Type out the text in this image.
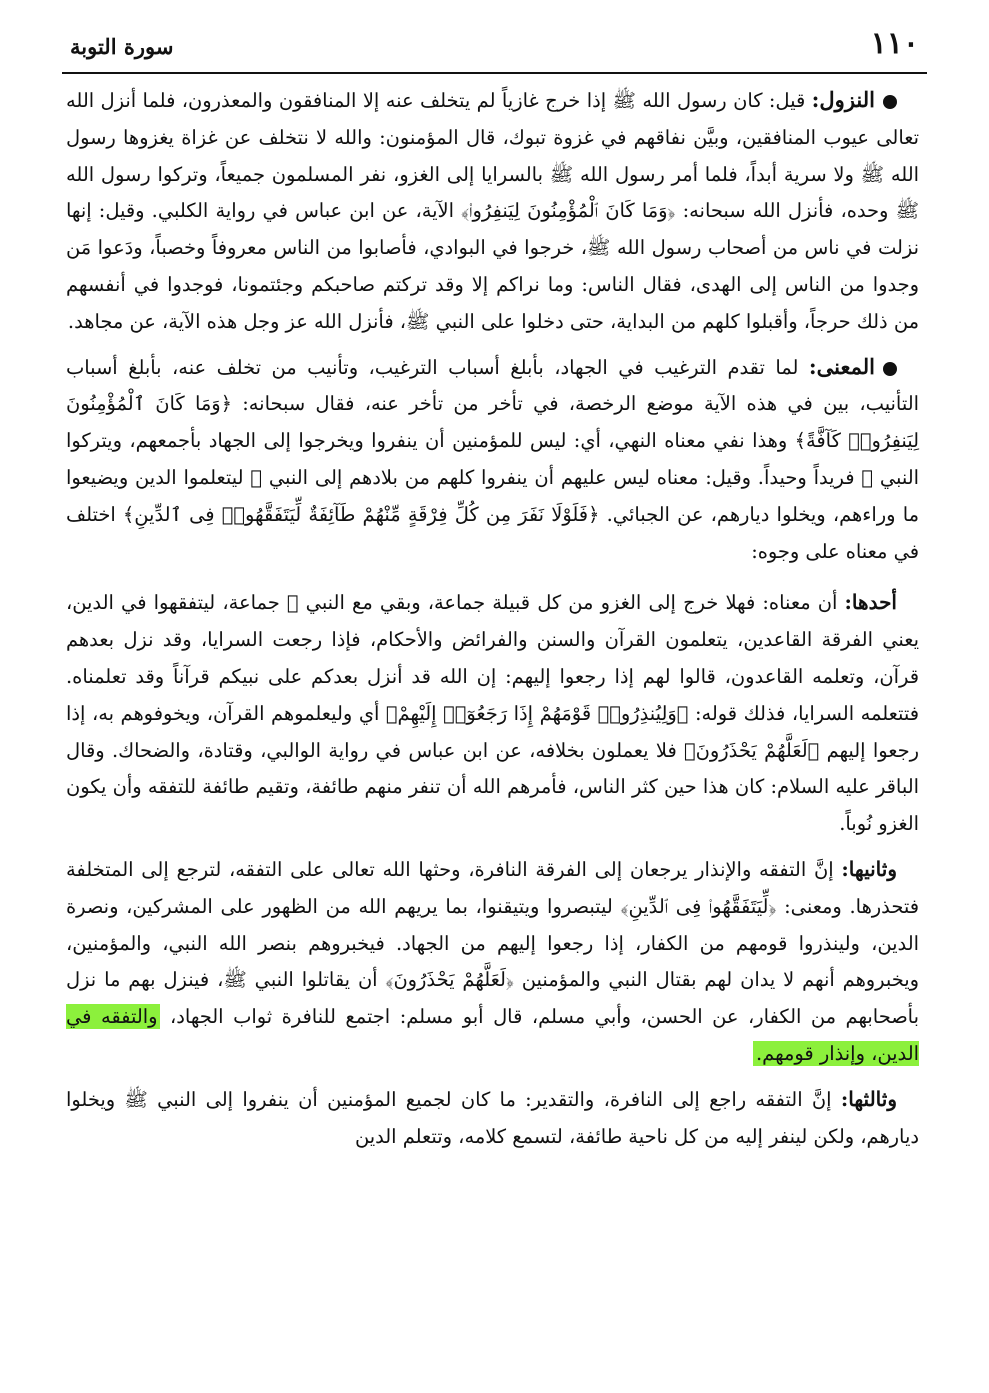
١١٠
سورة التوبة

النزول: قيل: كان رسول الله ﷺ إذا خرج غازياً لم يتخلف عنه إلا المنافقون والمعذرون، فلما أنزل الله تعالى عيوب المنافقين، وبيَّن نفاقهم في غزوة تبوك، قال المؤمنون: والله لا نتخلف عن غزاة يغزوها رسول الله ﷺ ولا سرية أبداً، فلما أمر رسول الله ﷺ بالسرايا إلى الغزو، نفر المسلمون جميعاً، وتركوا رسول الله ﷺ وحده، فأنزل الله سبحانه: ﴿وَمَا كَانَ ٱلْمُؤْمِنُونَ لِيَنفِرُوا۟﴾ الآية، عن ابن عباس في رواية الكلبي. وقيل: إنها نزلت في ناس من أصحاب رسول الله ﷺ، خرجوا في البوادي، فأصابوا من الناس معروفاً وخصباً، ودَعوا مَن وجدوا من الناس إلى الهدى، فقال الناس: وما نراكم إلا وقد تركتم صاحبكم وجئتمونا، فوجدوا في أنفسهم من ذلك حرجاً، وأقبلوا كلهم من البداية، حتى دخلوا على النبي ﷺ، فأنزل الله عز وجل هذه الآية، عن مجاهد.

المعنى: لما تقدم الترغيب في الجهاد، بأبلغ أسباب الترغيب، وتأنيب من تخلف عنه، بأبلغ أسباب التأنيب، بين في هذه الآية موضع الرخصة، في تأخر من تأخر عنه، فقال سبحانه: ﴿وَمَا كَانَ ٱلْمُؤْمِنُونَ لِيَنفِرُوا۟ كَآفَّةً﴾ وهذا نفي معناه النهي، أي: ليس للمؤمنين أن ينفروا ويخرجوا إلى الجهاد بأجمعهم، ويتركوا النبي ﷺ فريداً وحيداً. وقيل: معناه ليس عليهم أن ينفروا كلهم من بلادهم إلى النبي ﷺ ليتعلموا الدين ويضيعوا ما وراءهم، ويخلوا ديارهم، عن الجبائي. ﴿فَلَوْلَا نَفَرَ مِن كُلِّ فِرْقَةٍ مِّنْهُمْ طَآئِفَةٌ لِّيَتَفَقَّهُوا۟ فِى ٱلدِّينِ﴾ اختلف في معناه على وجوه:

أحدها: أن معناه: فهلا خرج إلى الغزو من كل قبيلة جماعة، وبقي مع النبي ﷺ جماعة، ليتفقهوا في الدين، يعني الفرقة القاعدين، يتعلمون القرآن والسنن والفرائض والأحكام، فإذا رجعت السرايا، وقد نزل بعدهم قرآن، وتعلمه القاعدون، قالوا لهم إذا رجعوا إليهم: إن الله قد أنزل بعدكم على نبيكم قرآناً وقد تعلمناه. فتتعلمه السرايا، فذلك قوله: ﴿وَلِيُنذِرُوا۟ قَوْمَهُمْ إِذَا رَجَعُوٓا۟ إِلَيْهِمْ﴾ أي وليعلموهم القرآن، ويخوفوهم به، إذا رجعوا إليهم ﴿لَعَلَّهُمْ يَحْذَرُونَ﴾ فلا يعملون بخلافه، عن ابن عباس في رواية الوالبي، وقتادة، والضحاك. وقال الباقر عليه السلام: كان هذا حين كثر الناس، فأمرهم الله أن تنفر منهم طائفة، وتقيم طائفة للتفقه وأن يكون الغزو نُوباً.

وثانيها: إنَّ التفقه والإنذار يرجعان إلى الفرقة النافرة، وحثها الله تعالى على التفقه، لترجع إلى المتخلفة فتحذرها. ومعنى: ﴿لِّيَتَفَقَّهُوا۟ فِى ٱلدِّينِ﴾ ليتبصروا ويتيقنوا، بما يريهم الله من الظهور على المشركين، ونصرة الدين، ولينذروا قومهم من الكفار، إذا رجعوا إليهم من الجهاد. فيخبروهم بنصر الله النبي، والمؤمنين، ويخبروهم أنهم لا يدان لهم بقتال النبي والمؤمنين ﴿لَعَلَّهُمْ يَحْذَرُونَ﴾ أن يقاتلوا النبي ﷺ، فينزل بهم ما نزل بأصحابهم من الكفار، عن الحسن، وأبي مسلم، قال أبو مسلم: اجتمع للنافرة ثواب الجهاد، والتفقه في الدين، وإنذار قومهم.

وثالثها: إنَّ التفقه راجع إلى النافرة، والتقدير: ما كان لجميع المؤمنين أن ينفروا إلى النبي ﷺ ويخلوا ديارهم، ولكن لينفر إليه من كل ناحية طائفة، لتسمع كلامه، وتتعلم الدين
